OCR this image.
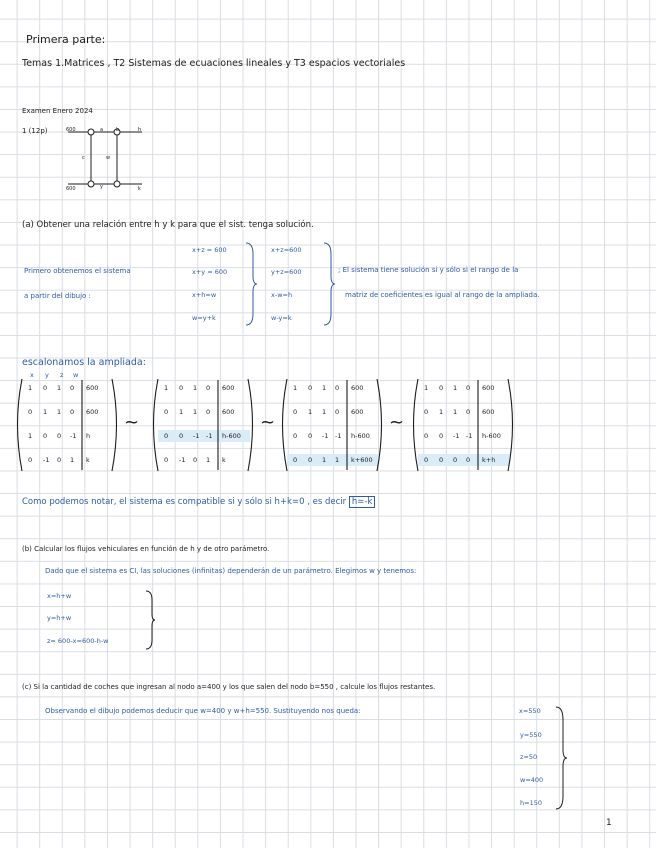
Primera parte:
Temas 1.Matrices , T2 Sistemas de ecuaciones lineales y T3 espacios vectoriales
Examen Enero 2024
1 (12p)	600	a	b	h
c	w
600	y	k
(a) Obtener una relación entre h y k para que el sist. tenga solución.
Primero obtenemos el sistema
a partir del dibujo :
x+z = 600
x+y = 600
x+h=w
w=y+k
x+z=600
y+z=600
x-w=h
w-y=k
; El sistema tiene solución si y sólo si el rango de la
matriz de coeficientes es igual al rango de la ampliada.
escalonamos la ampliada:
x y z w
1 0 1 0 600
0 1 1 0 600
1 0 0 -1 h
0 -1 0 1 k
~
1 0 1 0 600
0 1 1 0 600
0 0 -1 -1 h-600
0 -1 0 1 k
~
1 0 1 0 600
0 1 1 0 600
0 0 -1 -1 h-600
0 0 1 1 k+600
~
1 0 1 0 600
0 1 1 0 600
0 0 -1 -1 h-600
0 0 0 0 k+h
Como podemos notar, el sistema es compatible si y sólo si h+k=0 , es decir h=-k
(b) Calcular los flujos vehiculares en función de h y de otro parámetro.
Dado que el sistema es CI, las soluciones (infinitas) dependerán de un parámetro. Elegimos w y tenemos:
x=h+w
y=h+w
z= 600-x=600-h-w
(c) Si la cantidad de coches que ingresan al nodo a=400 y los que salen del nodo b=550 , calcule los flujos restantes.
Observando el dibujo podemos deducir que w=400 y w+h=550. Sustituyendo nos queda:	x=550
y=550
z=50
w=400
h=150
1
